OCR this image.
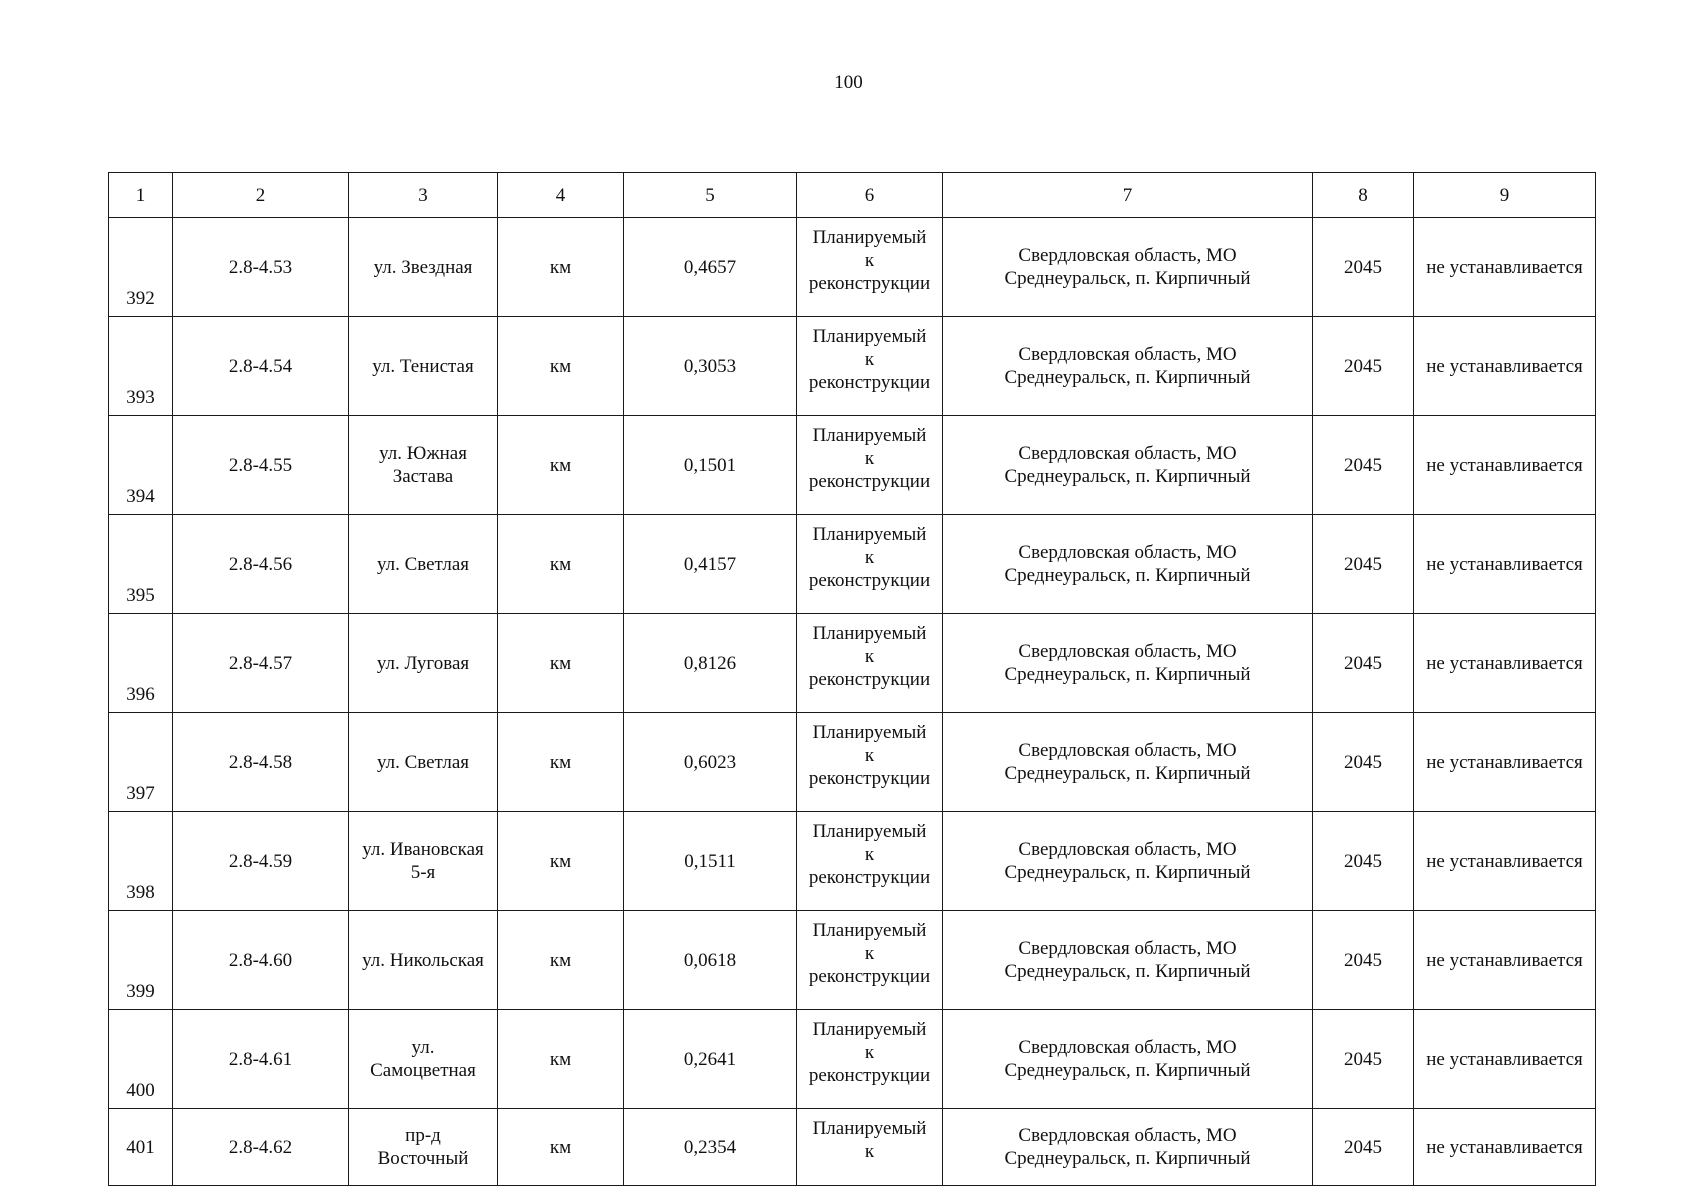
100
1	2	3	4	5	6	7	8	9

392	2.8-4.53	ул. Звездная	км	0,4657	Планируемый
к
реконструкции	Свердловская область, МО
Среднеуральск, п. Кирпичный	2045	не устанавливается

393	2.8-4.54	ул. Тенистая	км	0,3053	Планируемый
к
реконструкции	Свердловская область, МО
Среднеуральск, п. Кирпичный	2045	не устанавливается

394	2.8-4.55	ул. Южная
Застава	км	0,1501	Планируемый
к
реконструкции	Свердловская область, МО
Среднеуральск, п. Кирпичный	2045	не устанавливается

395	2.8-4.56	ул. Светлая	км	0,4157	Планируемый
к
реконструкции	Свердловская область, МО
Среднеуральск, п. Кирпичный	2045	не устанавливается

396	2.8-4.57	ул. Луговая	км	0,8126	Планируемый
к
реконструкции	Свердловская область, МО
Среднеуральск, п. Кирпичный	2045	не устанавливается

397	2.8-4.58	ул. Светлая	км	0,6023	Планируемый
к
реконструкции	Свердловская область, МО
Среднеуральск, п. Кирпичный	2045	не устанавливается

398	2.8-4.59	ул. Ивановская
5-я	км	0,1511	Планируемый
к
реконструкции	Свердловская область, МО
Среднеуральск, п. Кирпичный	2045	не устанавливается

399	2.8-4.60	ул. Никольская	км	0,0618	Планируемый
к
реконструкции	Свердловская область, МО
Среднеуральск, п. Кирпичный	2045	не устанавливается

400	2.8-4.61	ул.
Самоцветная	км	0,2641	Планируемый
к
реконструкции	Свердловская область, МО
Среднеуральск, п. Кирпичный	2045	не устанавливается

401	2.8-4.62	пр-д
Восточный	км	0,2354	Планируемый
к	Свердловская область, МО
Среднеуральск, п. Кирпичный	2045	не устанавливается
